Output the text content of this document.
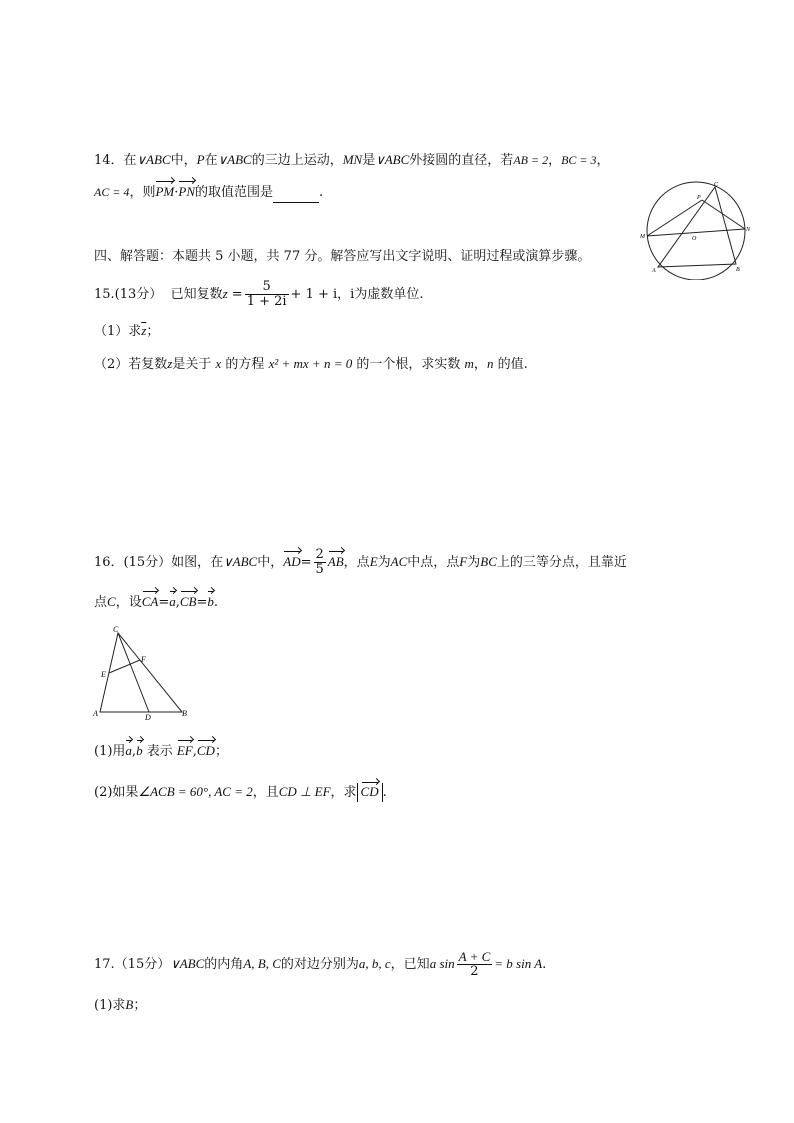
14．在∨ABC中，P在∨ABC的三边上运动，MN是∨ABC外接圆的直径，若AB = 2，BC = 3，
AC = 4，则PM·PN的取值范围是	.	C
P
M	O
N
A	B
四、解答题：本题共 5 小题，共 77 分。解答应写出文字说明、证明过程或演算步骤。
15.(13分） 已知复数$z = \frac{5}{1 + 2i} + 1 + i$，i为虚数单位.
（1）求$\overline{z}$；
（2）若复数z是关于 x 的方程 x² + mx + n = 0 的一个根，求实数 m，n 的值.
16．(15分）如图，在∨ABC中，$AD= \frac{2}{5}$ AB，点E为AC中点，点F为BC上的三等分点，且靠近
点C，设CA=a,CB=b.
C
F
E
A	D	B
(1)用a,b 表示 EF,CD；
(2)如果∠ACB = 60°, AC = 2，且CD ⊥ EF，求 CD .
17.（15分）∨ABC的内角A, B, C的对边分别为a, b, c，已知a $\sin \frac{A + C}{2} = b$ sin A.
(1)求B；
